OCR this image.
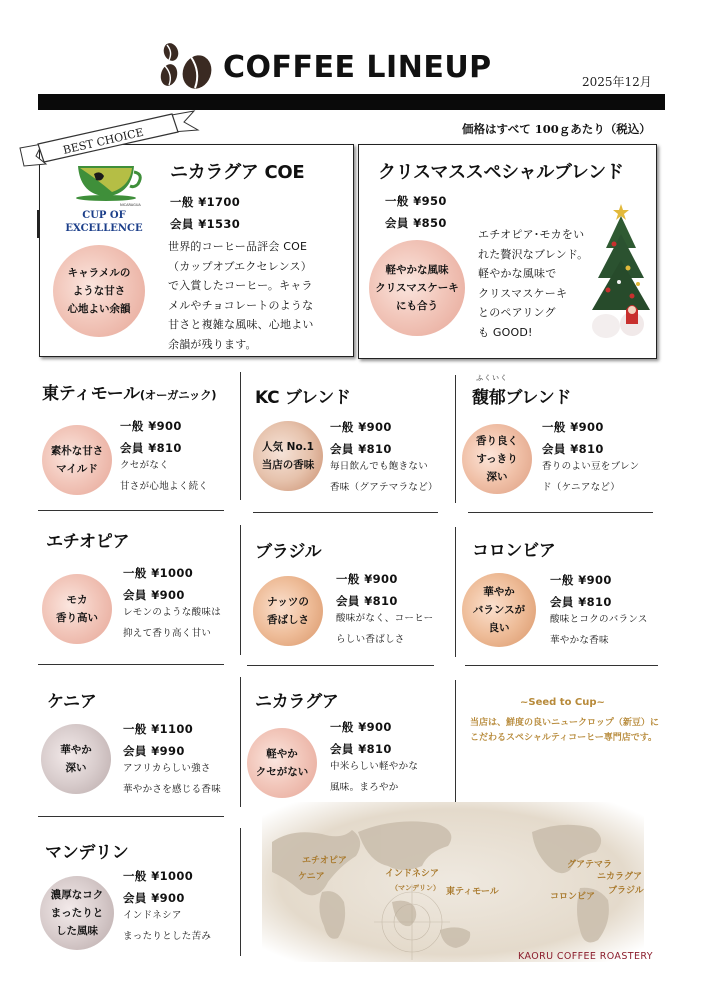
COFFEE LINEUP	2025年12月
価格はすべて 100ｇあたり（税込）
BEST CHOICE
NICARAGUA
CUP OF
EXCELLENCE
ニカラグア COE
一般 ¥1700
会員 ¥1530
世界的コーヒー品評会 COE
（カップオブエクセレンス）
で入賞したコーヒー。キャラ
メルやチョコレートのような
甘さと複雑な風味、心地よい
余韻が残ります。
キャラメルの
ような甘さ
心地よい余韻
クリスマススペシャルブレンド
一般 ¥950
会員 ¥850
エチオピア･モカをい
れた贅沢なブレンド。
軽やかな風味で
クリスマスケーキ
とのペアリング
も GOOD!
軽やかな風味
クリスマスケーキ
にも合う
東ティモール(オーガニック)
一般 ¥900
会員 ¥810
クセがなく
甘さが心地よく続く
素朴な甘さ
マイルド
KC ブレンド
一般 ¥900
会員 ¥810
毎日飲んでも飽きない
香味（グアテマラなど）
人気 No.1
当店の香味
ふくいく
馥郁ブレンド
一般 ¥900
会員 ¥810
香りのよい豆をブレン
ド（ケニアなど）
香り良く
すっきり
深い
エチオピア
一般 ¥1000
会員 ¥900
レモンのような酸味は
抑えて香り高く甘い
モカ
香り高い
ブラジル
一般 ¥900
会員 ¥810
酸味がなく、コーヒー
らしい香ばしさ
ナッツの
香ばしさ
コロンビア
一般 ¥900
会員 ¥810
酸味とコクのバランス
華やかな香味
華やか
バランスが
良い
ケニア
一般 ¥1100
会員 ¥990
アフリカらしい強さ
華やかさを感じる香味
華やか
深い
ニカラグア
一般 ¥900
会員 ¥810
中米らしい軽やかな
風味。まろやか
軽やか
クセがない
~Seed to Cup~
当店は、鮮度の良いニュークロップ（新豆）に
こだわるスペシャルティコーヒー専門店です。
マンデリン
一般 ¥1000
会員 ¥900
インドネシア
まったりとした苦み
濃厚なコク
まったりと
した風味
エチオピア
ケニア	インドネシア
（マンデリン） 東ティモール
グアテマラ
ニカラグア
ブラジル
コロンビア
KAORU COFFEE ROASTERY
